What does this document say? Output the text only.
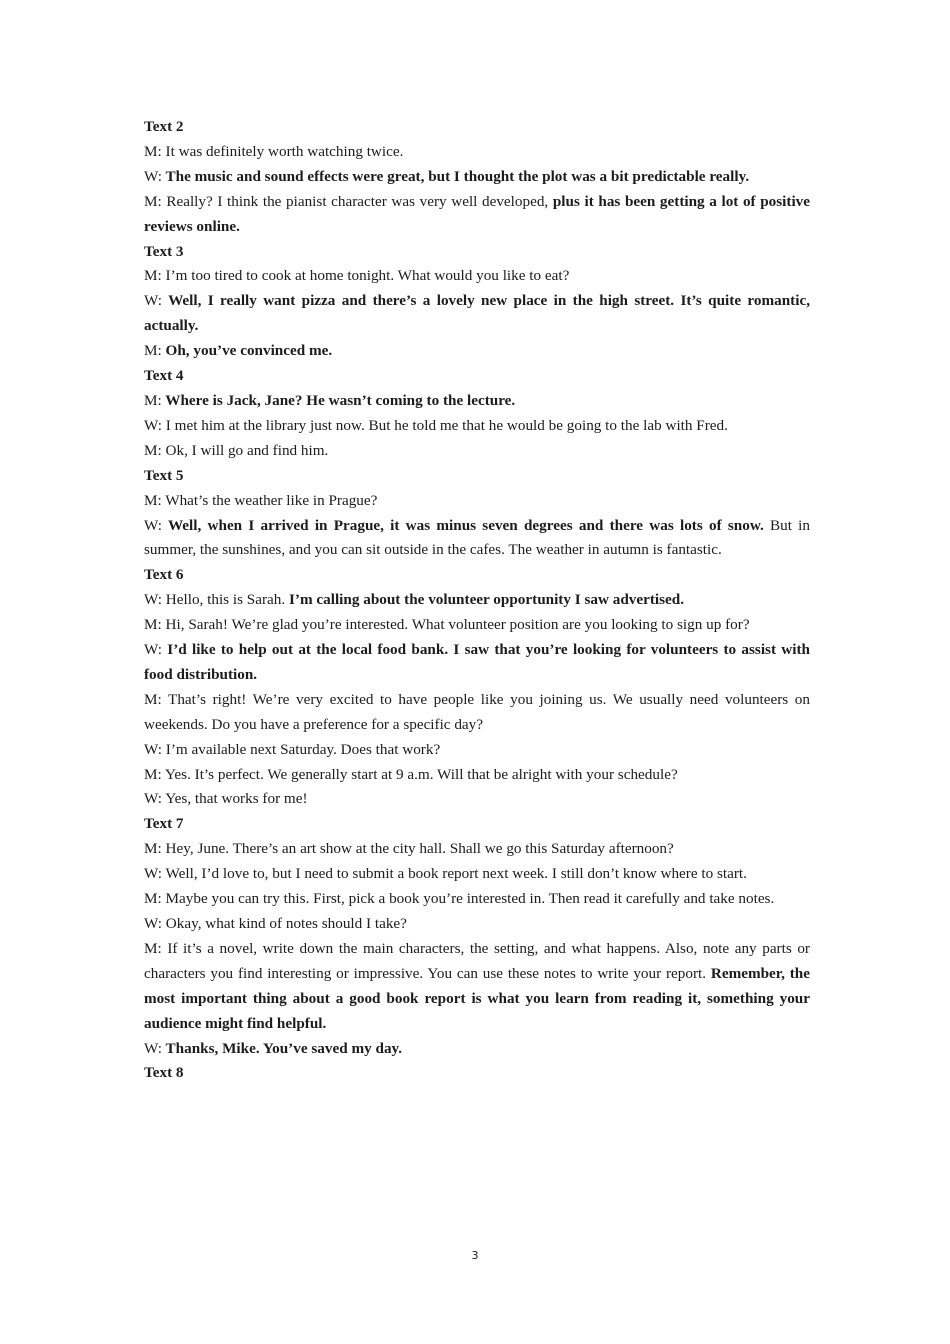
Text 2

M: It was definitely worth watching twice.

W: The music and sound effects were great, but I thought the plot was a bit predictable really.

M: Really? I think the pianist character was very well developed, plus it has been getting a lot of positive reviews online.

Text 3

M: I’m too tired to cook at home tonight. What would you like to eat?

W: Well, I really want pizza and there’s a lovely new place in the high street. It’s quite romantic, actually.

M: Oh, you’ve convinced me.

Text 4

M: Where is Jack, Jane? He wasn’t coming to the lecture.

W: I met him at the library just now. But he told me that he would be going to the lab with Fred.

M: Ok, I will go and find him.

Text 5

M: What’s the weather like in Prague?

W: Well, when I arrived in Prague, it was minus seven degrees and there was lots of snow. But in summer, the sunshines, and you can sit outside in the cafes. The weather in autumn is fantastic.

Text 6

W: Hello, this is Sarah. I’m calling about the volunteer opportunity I saw advertised.

M: Hi, Sarah! We’re glad you’re interested. What volunteer position are you looking to sign up for?

W: I’d like to help out at the local food bank. I saw that you’re looking for volunteers to assist with food distribution.

M: That’s right! We’re very excited to have people like you joining us. We usually need volunteers on weekends. Do you have a preference for a specific day?

W: I’m available next Saturday. Does that work?

M: Yes. It’s perfect. We generally start at 9 a.m. Will that be alright with your schedule?

W: Yes, that works for me!

Text 7

M: Hey, June. There’s an art show at the city hall. Shall we go this Saturday afternoon?

W: Well, I’d love to, but I need to submit a book report next week. I still don’t know where to start.

M: Maybe you can try this. First, pick a book you’re interested in. Then read it carefully and take notes.

W: Okay, what kind of notes should I take?

M: If it’s a novel, write down the main characters, the setting, and what happens. Also, note any parts or characters you find interesting or impressive. You can use these notes to write your report. Remember, the most important thing about a good book report is what you learn from reading it, something your audience might find helpful.

W: Thanks, Mike. You’ve saved my day.

Text 8

3
